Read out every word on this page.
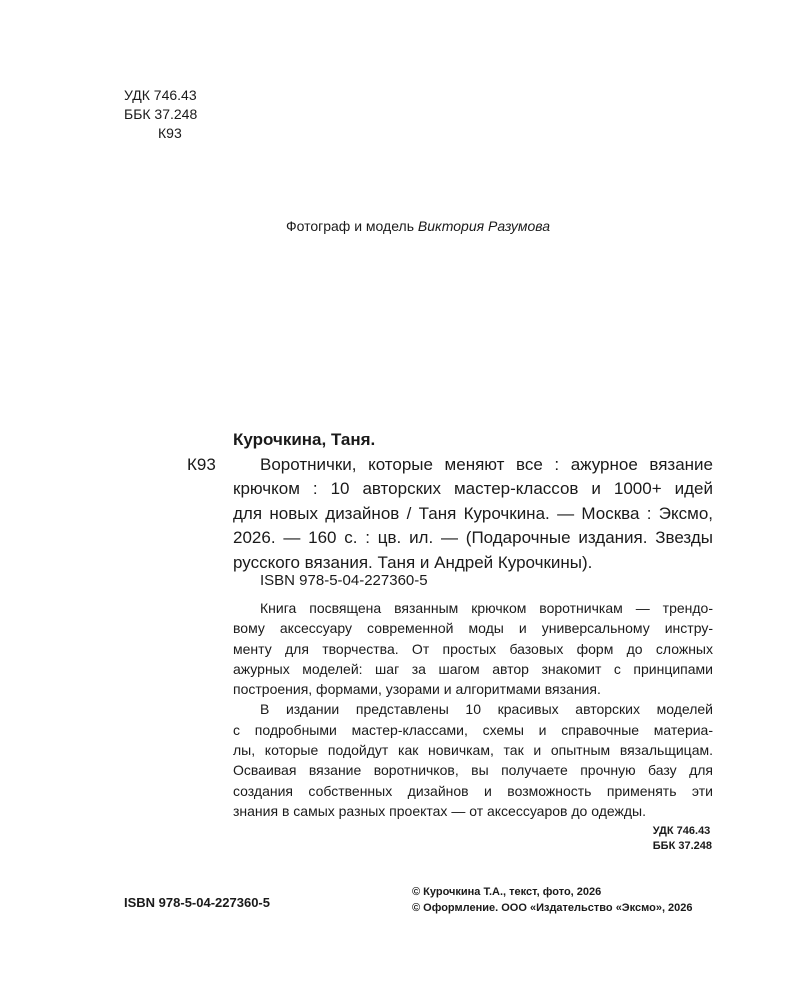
УДК 746.43
ББК 37.248
К93
Фотограф и модель Виктория Разумова
Курочкина, Таня.
К93	Воротнички, которые меняют все : ажурное вязание
крючком : 10 авторских мастер-классов и 1000+ идей
для новых дизайнов / Таня Курочкина. — Москва : Эксмо,
2026. — 160 с. : цв. ил. — (Подарочные издания. Звезды
русского вязания. Таня и Андрей Курочкины).
ISBN 978-5-04-227360-5
Книга посвящена вязанным крючком воротничкам — трендо-
вому аксессуару современной моды и универсальному инстру-
менту для творчества. От простых базовых форм до сложных
ажурных моделей: шаг за шагом автор знакомит с принципами
построения, формами, узорами и алгоритмами вязания.
В издании представлены 10 красивых авторских моделей
с подробными мастер-классами, схемы и справочные материа-
лы, которые подойдут как новичкам, так и опытным вязальщицам.
Осваивая вязание воротничков, вы получаете прочную базу для
создания собственных дизайнов и возможность применять эти
знания в самых разных проектах — от аксессуаров до одежды.
УДК 746.43
ББК 37.248
ISBN 978-5-04-227360-5
© Курочкина Т.А., текст, фото, 2026
© Оформление. ООО «Издательство «Эксмо», 2026
